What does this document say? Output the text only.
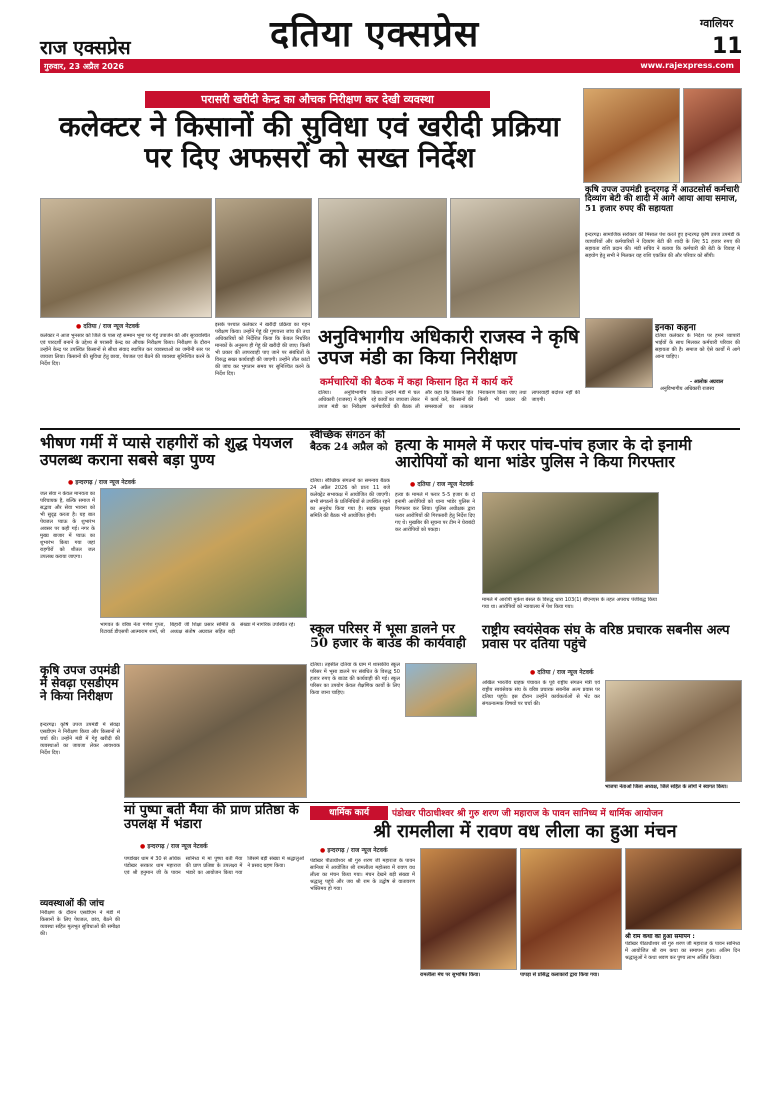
राज एक्सप्रेस	दतिया एक्सप्रेस	ग्वालियर
11
गुरुवार, 23 अप्रैल 2026	www.rajexpress.com
परासरी खरीदी केन्द्र का औचक निरीक्षण कर देखी व्यवस्था
कलेक्टर ने किसानों की सुविधा एवं खरीदी प्रक्रिया पर दिए अफसरों को सख्त निर्देश
● दतिया / राज न्यूज नेटवर्क
कलेक्टर ने आज भुनसार को जिले के पास रहे सम्मान भूमा पर गेहूं उपार्जन की और सुव्यवस्थित एवं पारदर्शी बनाने के उद्देश्य से परासरी केन्द्र का औचक निरीक्षण किया। निरीक्षण के दौरान उन्होंने केन्द्र पर उपस्थित किसानों से सीधा संवाद स्थापित कर व्यवस्थाओं का जमीनी स्तर पर जायजा लिया। किसानों की सुविधा हेतु छाया, पेयजल एवं बैठने की व्यवस्था सुनिश्चित करने के निर्देश दिए।
इसके पश्चात कलेक्टर ने खरीदी प्रक्रिया का गहन परीक्षण किया। उन्होंने गेहूं की गुणवत्ता जांच की तथा अधिकारियों को निर्देशित किया कि केवल निर्धारित मानकों के अनुरूप ही गेहूं की खरीदी की जाए। किसी भी प्रकार की लापरवाही पाए जाने पर संबंधितों के विरुद्ध सख्त कार्यवाही की जाएगी। उन्होंने तौल कांटों की जांच कर भुगतान समय पर सुनिश्चित करने के निर्देश दिए।
अनुविभागीय अधिकारी राजस्व ने कृषि उपज मंडी का किया निरीक्षण
कर्मचारियों की बैठक में कहा किसान हित में कार्य करें
दतिया। अनुविभागीय अधिकारी (राजस्व) ने कृषि उपज मंडी का निरीक्षण किया। उन्होंने मंडी में चल रहे कार्यों का जायजा लेकर कर्मचारियों की बैठक ली और कहा कि किसान हित में कार्य करें, किसानों की समस्याओं का तत्काल निराकरण किया जाए तथा किसी भी प्रकार की लापरवाही बर्दाश्त नहीं की जाएगी।
कृषि उपज उपमंडी इन्दरगढ़ में आउटसोर्स कर्मचारी दिव्यांग बेटी की शादी में आगे आया आया समाज, 51 हजार रुपए की सहायता
इन्दरगढ़। सामाजिक सरोकार की मिसाल पेश करते हुए इन्दरगढ़ कृषि उपज उपमंडी के व्यापारियों और कर्मचारियों ने दिव्यांग बेटी की शादी के लिए 51 हजार रुपए की सहायता राशि प्रदान की। मंडी सचिव ने बताया कि कर्मचारी की बेटी के विवाह में सहयोग हेतु सभी ने मिलकर यह राशि एकत्रित की और परिवार को सौंपी।
इनका कहना
दतिया कलेक्टर के निर्देश पर हमने व्यापारी भाईयों के साथ मिलकर कर्मचारी परिवार की सहायता की है। समाज को ऐसे कार्यों में आगे आना चाहिए।
- आलोक अग्रवाल
अनुविभागीय अधिकारी राजस्व
भीषण गर्मी में प्यासे राहगीरों को शुद्ध पेयजल उपलब्ध कराना सबसे बड़ा पुण्य
● इन्दरगढ़ / राज न्यूज नेटवर्क
जल सेवा न केवल मानवता का परिचायक है, बल्कि समाज में सद्भाव और सेवा भावना को भी सुदृढ़ करता है। यह बात पेयजल प्याऊ के शुभारंभ अवसर पर कही गई। नगर के मुख्य बाजार में प्याऊ का शुभारंभ किया गया जहां राहगीरों को शीतल जल उपलब्ध कराया जाएगा।
भागवत के वरिष्ठ नेता गणेश गुप्ता, रिटायर्ड डीएसपी आत्माराम शर्मा, श्री बिहारी जी शिक्षा प्रसार समिति के अध्यक्ष संतोष अग्रवाल सहित बड़ी संख्या में नागरिक उपस्थित रहे।
स्वैच्छिक संगठन की बैठक 24 अप्रैल को
दतिया। स्वैच्छिक संगठनों का समन्वय बैठक 24 अप्रैल 2026 को प्रातः 11 बजे कलेक्ट्रेट सभाकक्ष में आयोजित की जाएगी। सभी संगठनों के प्रतिनिधियों से उपस्थित रहने का अनुरोध किया गया है। सड़क सुरक्षा समिति की बैठक भी आयोजित होगी।
हत्या के मामले में फरार पांच-पांच हजार के दो इनामी आरोपियों को थाना भांडेर पुलिस ने किया गिरफ्तार
● दतिया / राज न्यूज नेटवर्क
हत्या के मामले में फरार 5-5 हजार के दो इनामी आरोपियों को थाना भांडेर पुलिस ने गिरफ्तार कर लिया। पुलिस अधीक्षक द्वारा फरार आरोपियों की गिरफ्तारी हेतु निर्देश दिए गए थे। मुखबिर की सूचना पर टीम ने घेराबंदी कर आरोपियों को पकड़ा।
मामले में आरोपी मुकेश बंसल के विरुद्ध धारा 103(1) बीएनएस के तहत अपराध पंजीबद्ध किया गया था। आरोपियों को न्यायालय में पेश किया गया।
स्कूल परिसर में भूसा डालने पर 50 हजार के बाउंड की कार्यवाही
दतिया। तहसील दतिया के ग्राम में शासकीय स्कूल परिसर में भूसा डालने पर संबंधित के विरुद्ध 50 हजार रुपए के बाउंड की कार्यवाही की गई। स्कूल परिसर का उपयोग केवल शैक्षणिक कार्यों के लिए किया जाना चाहिए।
राष्ट्रीय स्वयंसेवक संघ के वरिष्ठ प्रचारक सबनीस अल्प प्रवास पर दतिया पहुंचे
● दतिया / राज न्यूज नेटवर्क
अखिल भारतीय ग्राहक पंचायत के पूर्व राष्ट्रीय संगठन मंत्री एवं राष्ट्रीय स्वयंसेवक संघ के वरिष्ठ प्रचारक सबनीस अल्प प्रवास पर दतिया पहुंचे। इस दौरान उन्होंने कार्यकर्ताओं से भेंट कर संगठनात्मक विषयों पर चर्चा की।
भाजपा नेताओं जिला अध्यक्ष, जिले सहित के लोगों ने स्वागत किया।
कृषि उपज उपमंडी में सेवढ़ा एसडीएम ने किया निरीक्षण
इन्दरगढ़। कृषि उपज उपमंडी में सेवढ़ा एसडीएम ने निरीक्षण किया और किसानों से चर्चा की। उन्होंने मंडी में गेहूं खरीदी की व्यवस्थाओं का जायजा लेकर आवश्यक निर्देश दिए।
व्यवस्थाओं की जांच
निरीक्षण के दौरान एसडीएम ने मंडी में किसानों के लिए पेयजल, छांव, बैठने की व्यवस्था सहित मूलभूत सुविधाओं की समीक्षा की।
मां पुष्पा बती मैया की प्राण प्रतिष्ठा के उपलक्ष में भंडारा
● इन्दरगढ़ / राज न्यूज नेटवर्क
पण्डोखर धाम में 30 से अधिक पंडोखर सरकार धाम महाराज एवं श्री हनुमान जी के पावन सानिध्य में मां पुष्पा बती मैया की प्राण प्रतिष्ठा के उपलक्ष्य में भंडारे का आयोजन किया गया जिसमें बड़ी संख्या में श्रद्धालुओं ने प्रसाद ग्रहण किया।
धार्मिक कार्य	पंडोखर पीठाधीश्वर श्री गुरु शरण जी महाराज के पावन सानिध्य में धार्मिक आयोजन
श्री रामलीला में रावण वध लीला का हुआ मंचन
● इन्दरगढ़ / राज न्यूज नेटवर्क
पंडोखर पीठाधीश्वर श्री गुरु शरण जी महाराज के पावन सानिध्य में आयोजित श्री रामलीला महोत्सव में रावण वध लीला का मंचन किया गया। मंचन देखने बड़ी संख्या में श्रद्धालु पहुंचे और जय श्री राम के उद्घोष से वातावरण भक्तिमय हो गया।
रामलीला मंच पर सुभाषित किया।	पापड़ा से प्रसिद्ध कलाकारों द्वारा किया गया।
श्री राम कथा का हुआ समापन :
पंडोखर पीठाधीश्वर श्री गुरु शरण जी महाराज के पावन सानिध्य में आयोजित श्री राम कथा का समापन हुआ। अंतिम दिन श्रद्धालुओं ने कथा श्रवण कर पुण्य लाभ अर्जित किया।
